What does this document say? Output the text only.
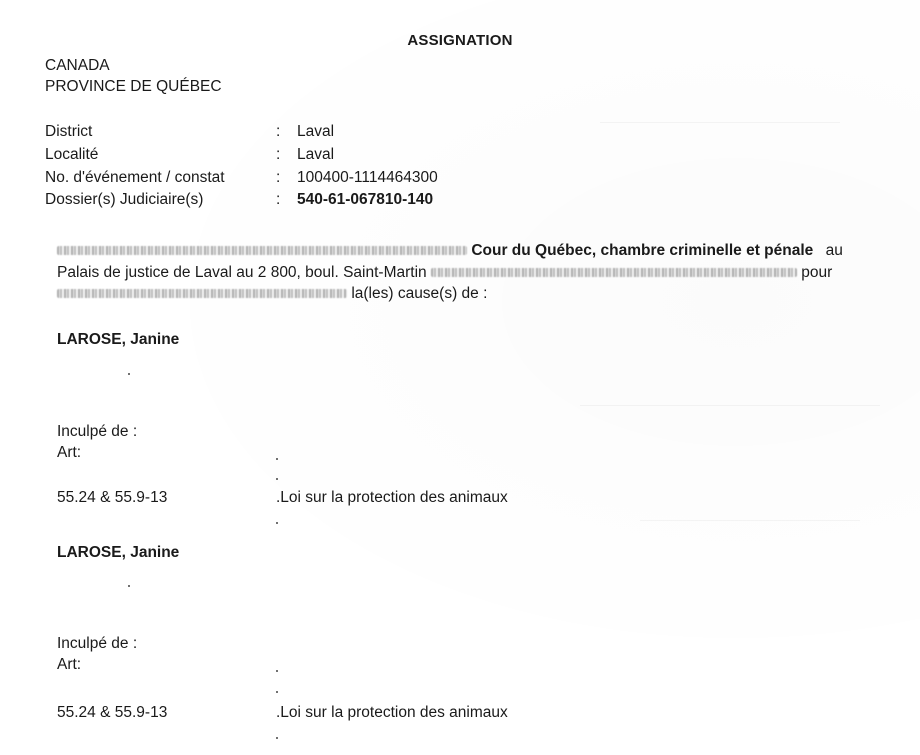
ASSIGNATION
CANADA
PROVINCE DE QUÉBEC
District	: Laval
Localité	: Laval
No. d'événement / constat	: 100400-1114464300
Dossier(s) Judiciaire(s)	: 540-61-067810-140
Cour du Québec, chambre criminelle et pénale au
Palais de justice de Laval au 2 800, boul. Saint-Martin	pour
la(les) cause(s) de :
LAROSE, Janine
Inculpé de :
Art:
55.24 & 55.9-13	.Loi sur la protection des animaux
LAROSE, Janine
Inculpé de :
Art:
55.24 & 55.9-13	.Loi sur la protection des animaux
